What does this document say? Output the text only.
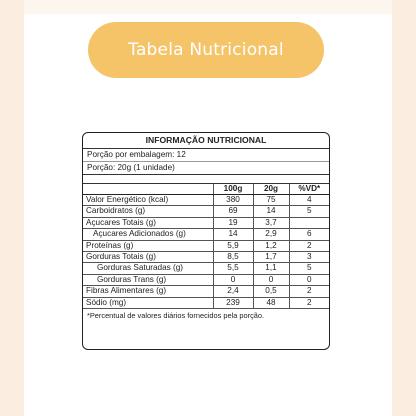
Tabela Nutricional
INFORMAÇÃO NUTRICIONAL
Porção por embalagem: 12
Porção: 20g (1 unidade)
	100g	20g	%VD*
Valor Energético (kcal)	380	75	4
Carboidratos (g)	69	14	5
Açucares Totais (g)	19	3,7	
Açucares Adicionados (g)	14	2,9	6
Proteínas (g)	5,9	1,2	2
Gorduras Totais (g)	8,5	1,7	3
Gorduras Saturadas (g)	5,5	1,1	5
Gorduras Trans (g)	0	0	0
Fibras Alimentares (g)	2,4	0,5	2
Sódio (mg)	239	48	2
*Percentual de valores diários fornecidos pela porção.
